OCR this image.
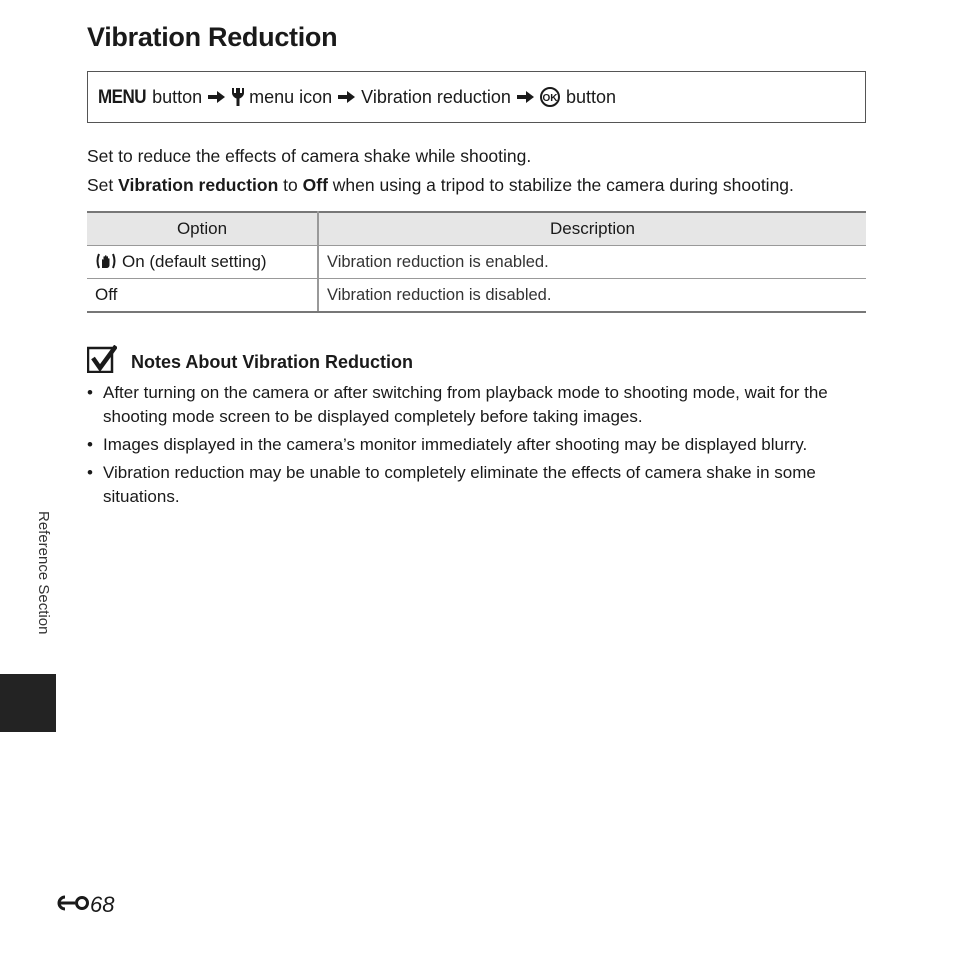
Vibration Reduction
MENU button	menu icon Vibration reduction	OK button

Set to reduce the effects of camera shake while shooting.

Set Vibration reduction to Off when using a tripod to stabilize the camera during shooting.

Option	Description

On (default setting)	Vibration reduction is enabled.
Off	Vibration reduction is disabled.
Notes About Vibration Reduction
• After turning on the camera or after switching from playback mode to shooting mode, wait for the shooting mode screen to be displayed completely before taking images.
• Images displayed in the camera’s monitor immediately after shooting may be displayed blurry.
• Vibration reduction may be unable to completely eliminate the effects of camera shake in some situations.
Reference Section
68
